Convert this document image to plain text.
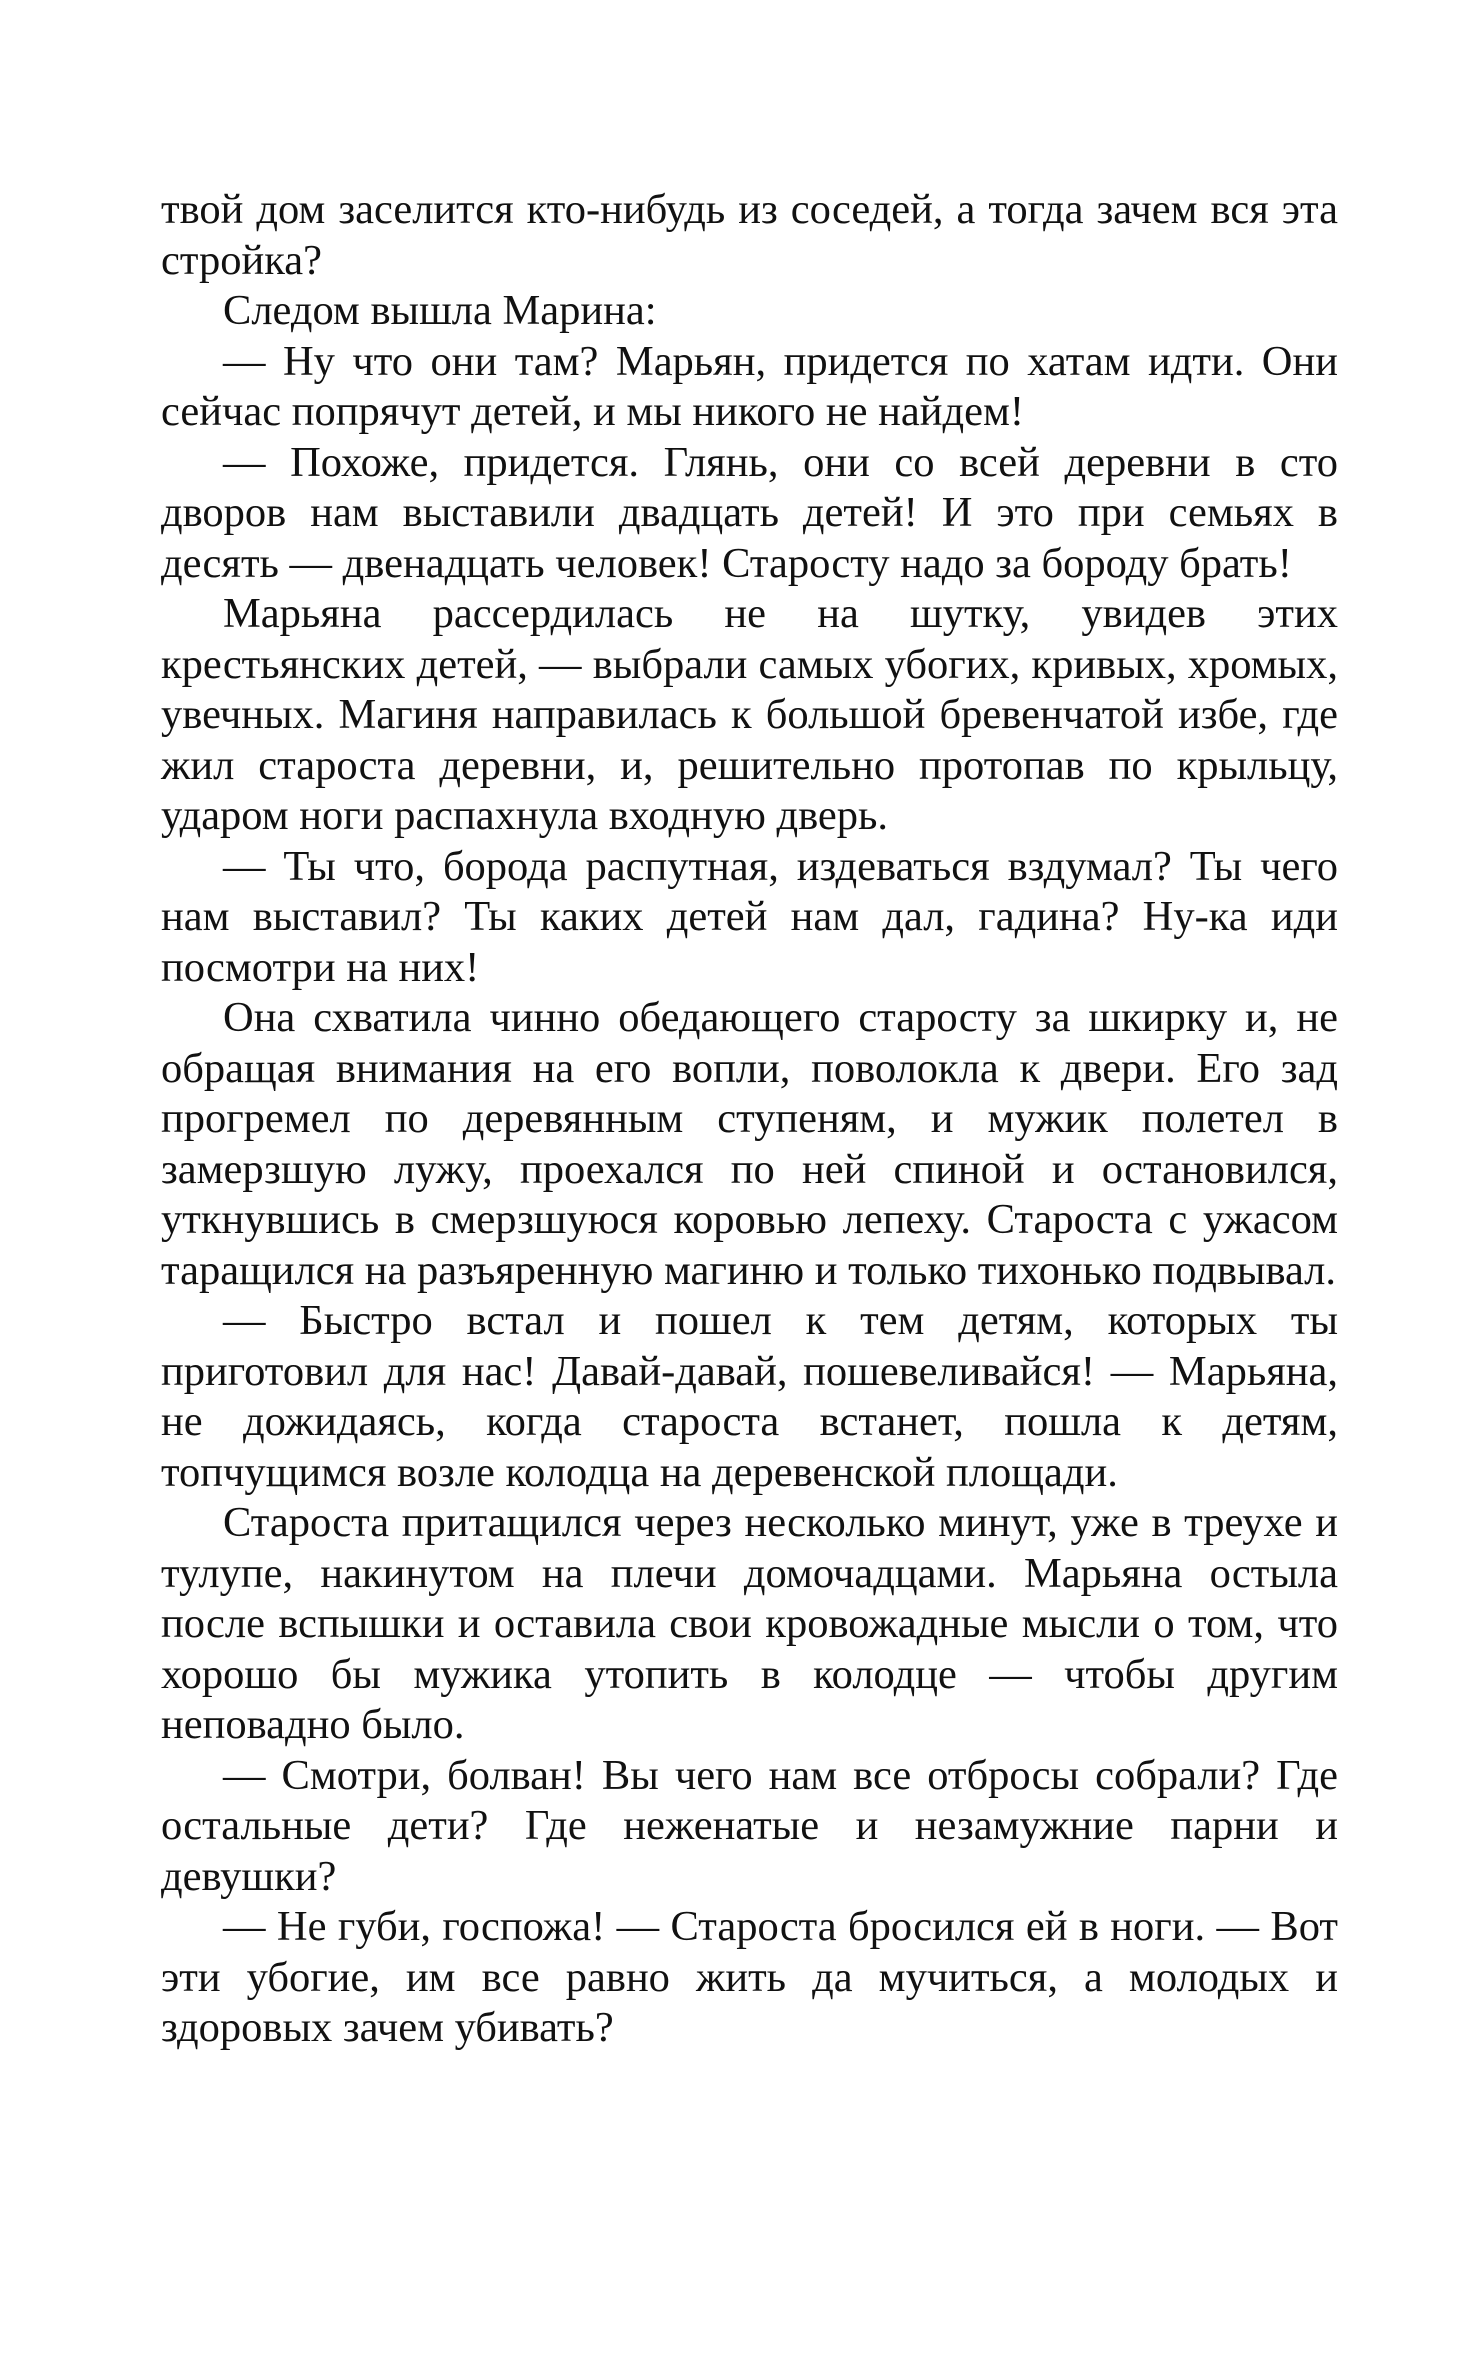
твой дом заселится кто-нибудь из соседей, а тогда зачем вся эта стройка?

Следом вышла Марина:

— Ну что они там? Марьян, придется по хатам идти. Они сейчас попрячут детей, и мы никого не найдем!

— Похоже, придется. Глянь, они со всей деревни в сто дворов нам выставили двадцать детей! И это при семьях в десять — двенадцать человек! Старосту надо за бороду брать!

Марьяна рассердилась не на шутку, увидев этих крестьянских детей, — выбрали самых убогих, кривых, хромых, увечных. Магиня направилась к большой бревенчатой избе, где жил староста деревни, и, решительно протопав по крыльцу, ударом ноги распахнула входную дверь.

— Ты что, борода распутная, издеваться вздумал? Ты чего нам выставил? Ты каких детей нам дал, гадина? Ну-ка иди посмотри на них!

Она схватила чинно обедающего старосту за шкирку и, не обращая внимания на его вопли, поволокла к двери. Его зад прогремел по деревянным ступеням, и мужик полетел в замерзшую лужу, проехался по ней спиной и остановился, уткнувшись в смерзшуюся коровью лепеху. Староста с ужасом таращился на разъяренную магиню и только тихонько подвывал.

— Быстро встал и пошел к тем детям, которых ты приготовил для нас! Давай-давай, пошевеливайся! — Марьяна, не дожидаясь, когда староста встанет, пошла к детям, топчущимся возле колодца на деревенской площади.

Староста притащился через несколько минут, уже в треухе и тулупе, накинутом на плечи домочадцами. Марьяна остыла после вспышки и оставила свои кровожадные мысли о том, что хорошо бы мужика утопить в колодце — чтобы другим неповадно было.

— Смотри, болван! Вы чего нам все отбросы собрали? Где остальные дети? Где неженатые и незамужние парни и девушки?

— Не губи, госпожа! — Староста бросился ей в ноги. — Вот эти убогие, им все равно жить да мучиться, а молодых и здоровых зачем убивать?
